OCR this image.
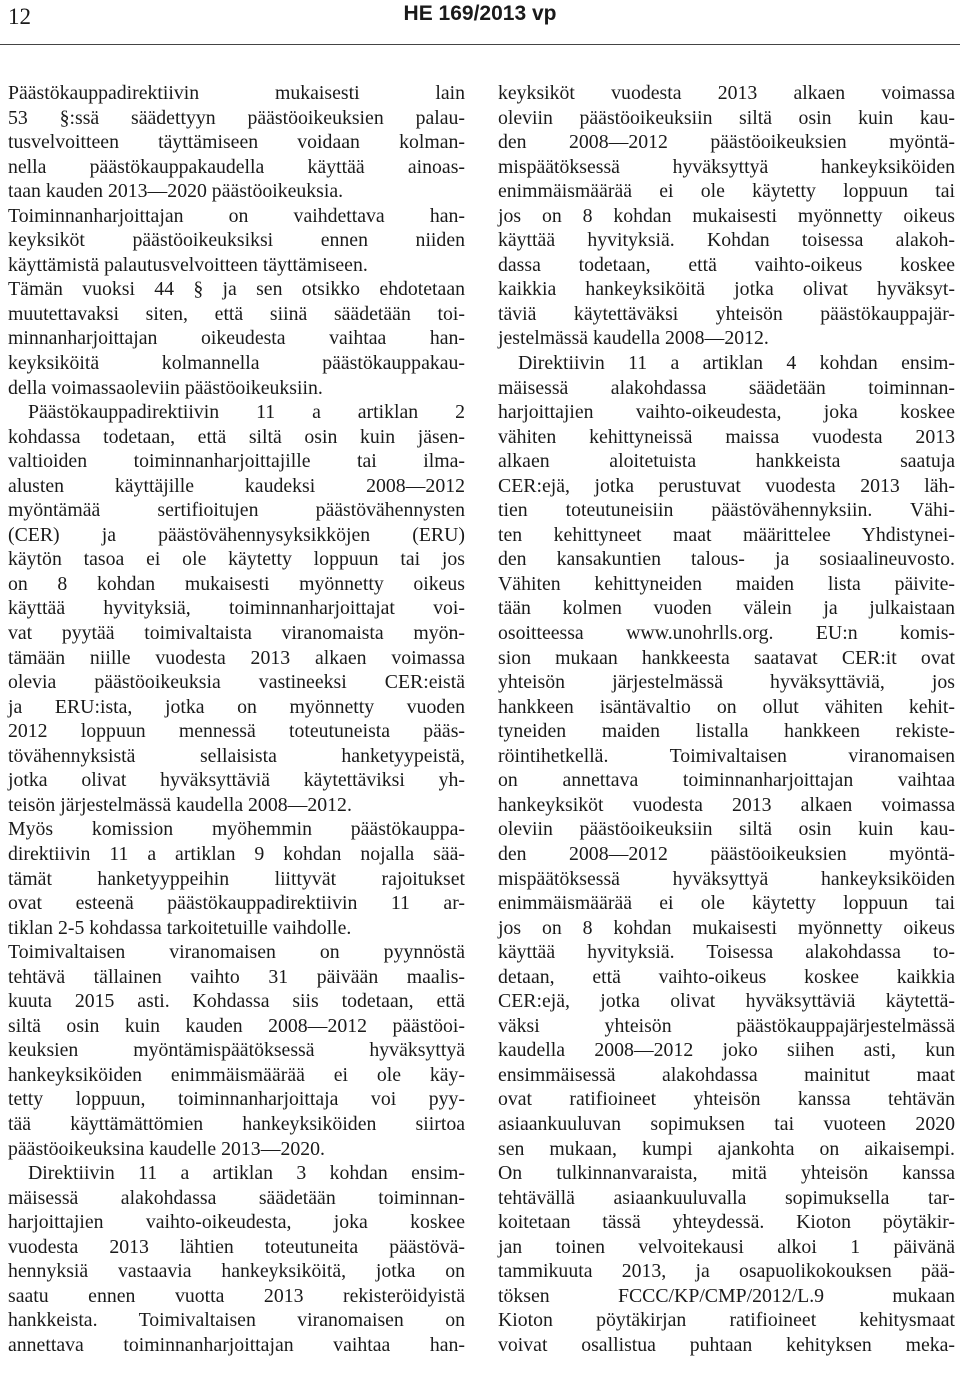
12	HE 169/2013 vp
Päästökauppadirektiivin mukaisesti lain
53 §:ssä säädettyyn päästöoikeuksien palau-
tusvelvoitteen täyttämiseen voidaan kolman-
nella päästökauppakaudella käyttää ainoas-
taan kauden 2013—2020 päästöoikeuksia.
Toiminnanharjoittajan on vaihdettava han-
keyksiköt päästöoikeuksiksi ennen niiden
käyttämistä palautusvelvoitteen täyttämiseen.
Tämän vuoksi 44 § ja sen otsikko ehdotetaan
muutettavaksi siten, että siinä säädetään toi-
minnanharjoittajan oikeudesta vaihtaa han-
keyksiköitä kolmannella päästökauppakau-
della voimassaoleviin päästöoikeuksiin.
Päästökauppadirektiivin 11 a artiklan 2
kohdassa todetaan, että siltä osin kuin jäsen-
valtioiden toiminnanharjoittajille tai ilma-
alusten käyttäjille kaudeksi 2008—2012
myöntämää sertifioitujen päästövähennysten
(CER) ja päästövähennysyksikköjen (ERU)
käytön tasoa ei ole käytetty loppuun tai jos
on 8 kohdan mukaisesti myönnetty oikeus
käyttää hyvityksiä, toiminnanharjoittajat voi-
vat pyytää toimivaltaista viranomaista myön-
tämään niille vuodesta 2013 alkaen voimassa
olevia päästöoikeuksia vastineeksi CER:eistä
ja ERU:ista, jotka on myönnetty vuoden
2012 loppuun mennessä toteutuneista pääs-
tövähennyksistä sellaisista hanketyypeistä,
jotka olivat hyväksyttäviä käytettäviksi yh-
teisön järjestelmässä kaudella 2008—2012.
Myös komission myöhemmin päästökauppa-
direktiivin 11 a artiklan 9 kohdan nojalla sää-
tämät hanketyyppeihin liittyvät rajoitukset
ovat esteenä päästökauppadirektiivin 11 ar-
tiklan 2-5 kohdassa tarkoitetuille vaihdolle.
Toimivaltaisen viranomaisen on pyynnöstä
tehtävä tällainen vaihto 31 päivään maalis-
kuuta 2015 asti. Kohdassa siis todetaan, että
siltä osin kuin kauden 2008—2012 päästöoi-
keuksien myöntämispäätöksessä hyväksyttyä
hankeyksiköiden enimmäismäärää ei ole käy-
tetty loppuun, toiminnanharjoittaja voi pyy-
tää käyttämättömien hankeyksiköiden siirtoa
päästöoikeuksina kaudelle 2013—2020.
Direktiivin 11 a artiklan 3 kohdan ensim-
mäisessä alakohdassa säädetään toiminnan-
harjoittajien vaihto-oikeudesta, joka koskee
vuodesta 2013 lähtien toteutuneita päästövä-
hennyksiä vastaavia hankeyksiköitä, jotka on
saatu ennen vuotta 2013 rekisteröidyistä
hankkeista. Toimivaltaisen viranomaisen on
annettava toiminnanharjoittajan vaihtaa han-
keyksiköt vuodesta 2013 alkaen voimassa
oleviin päästöoikeuksiin siltä osin kuin kau-
den 2008—2012 päästöoikeuksien myöntä-
mispäätöksessä hyväksyttyä hankeyksiköiden
enimmäismäärää ei ole käytetty loppuun tai
jos on 8 kohdan mukaisesti myönnetty oikeus
käyttää hyvityksiä. Kohdan toisessa alakoh-
dassa todetaan, että vaihto-oikeus koskee
kaikkia hankeyksiköitä jotka olivat hyväksyt-
täviä käytettäväksi yhteisön päästökauppajär-
jestelmässä kaudella 2008—2012.
Direktiivin 11 a artiklan 4 kohdan ensim-
mäisessä alakohdassa säädetään toiminnan-
harjoittajien vaihto-oikeudesta, joka koskee
vähiten kehittyneissä maissa vuodesta 2013
alkaen aloitetuista hankkeista saatuja
CER:ejä, jotka perustuvat vuodesta 2013 läh-
tien toteutuneisiin päästövähennyksiin. Vähi-
ten kehittyneet maat määrittelee Yhdistynei-
den kansakuntien talous- ja sosiaalineuvosto.
Vähiten kehittyneiden maiden lista päivite-
tään kolmen vuoden välein ja julkaistaan
osoitteessa www.unohrlls.org. EU:n komis-
sion mukaan hankkeesta saatavat CER:it ovat
yhteisön järjestelmässä hyväksyttäviä, jos
hankkeen isäntävaltio on ollut vähiten kehit-
tyneiden maiden listalla hankkeen rekiste-
röintihetkellä. Toimivaltaisen viranomaisen
on annettava toiminnanharjoittajan vaihtaa
hankeyksiköt vuodesta 2013 alkaen voimassa
oleviin päästöoikeuksiin siltä osin kuin kau-
den 2008—2012 päästöoikeuksien myöntä-
mispäätöksessä hyväksyttyä hankeyksiköiden
enimmäismäärää ei ole käytetty loppuun tai
jos on 8 kohdan mukaisesti myönnetty oikeus
käyttää hyvityksiä. Toisessa alakohdassa to-
detaan, että vaihto-oikeus koskee kaikkia
CER:ejä, jotka olivat hyväksyttäviä käytettä-
väksi yhteisön päästökauppajärjestelmässä
kaudella 2008—2012 joko siihen asti, kun
ensimmäisessä alakohdassa mainitut maat
ovat ratifioineet yhteisön kanssa tehtävän
asiaankuuluvan sopimuksen tai vuoteen 2020
sen mukaan, kumpi ajankohta on aikaisempi.
On tulkinnanvaraista, mitä yhteisön kanssa
tehtävällä asiaankuuluvalla sopimuksella tar-
koitetaan tässä yhteydessä. Kioton pöytäkir-
jan toinen velvoitekausi alkoi 1 päivänä
tammikuuta 2013, ja osapuolikokouksen pää-
töksen FCCC/KP/CMP/2012/L.9 mukaan
Kioton pöytäkirjan ratifioineet kehitysmaat
voivat osallistua puhtaan kehityksen meka-
